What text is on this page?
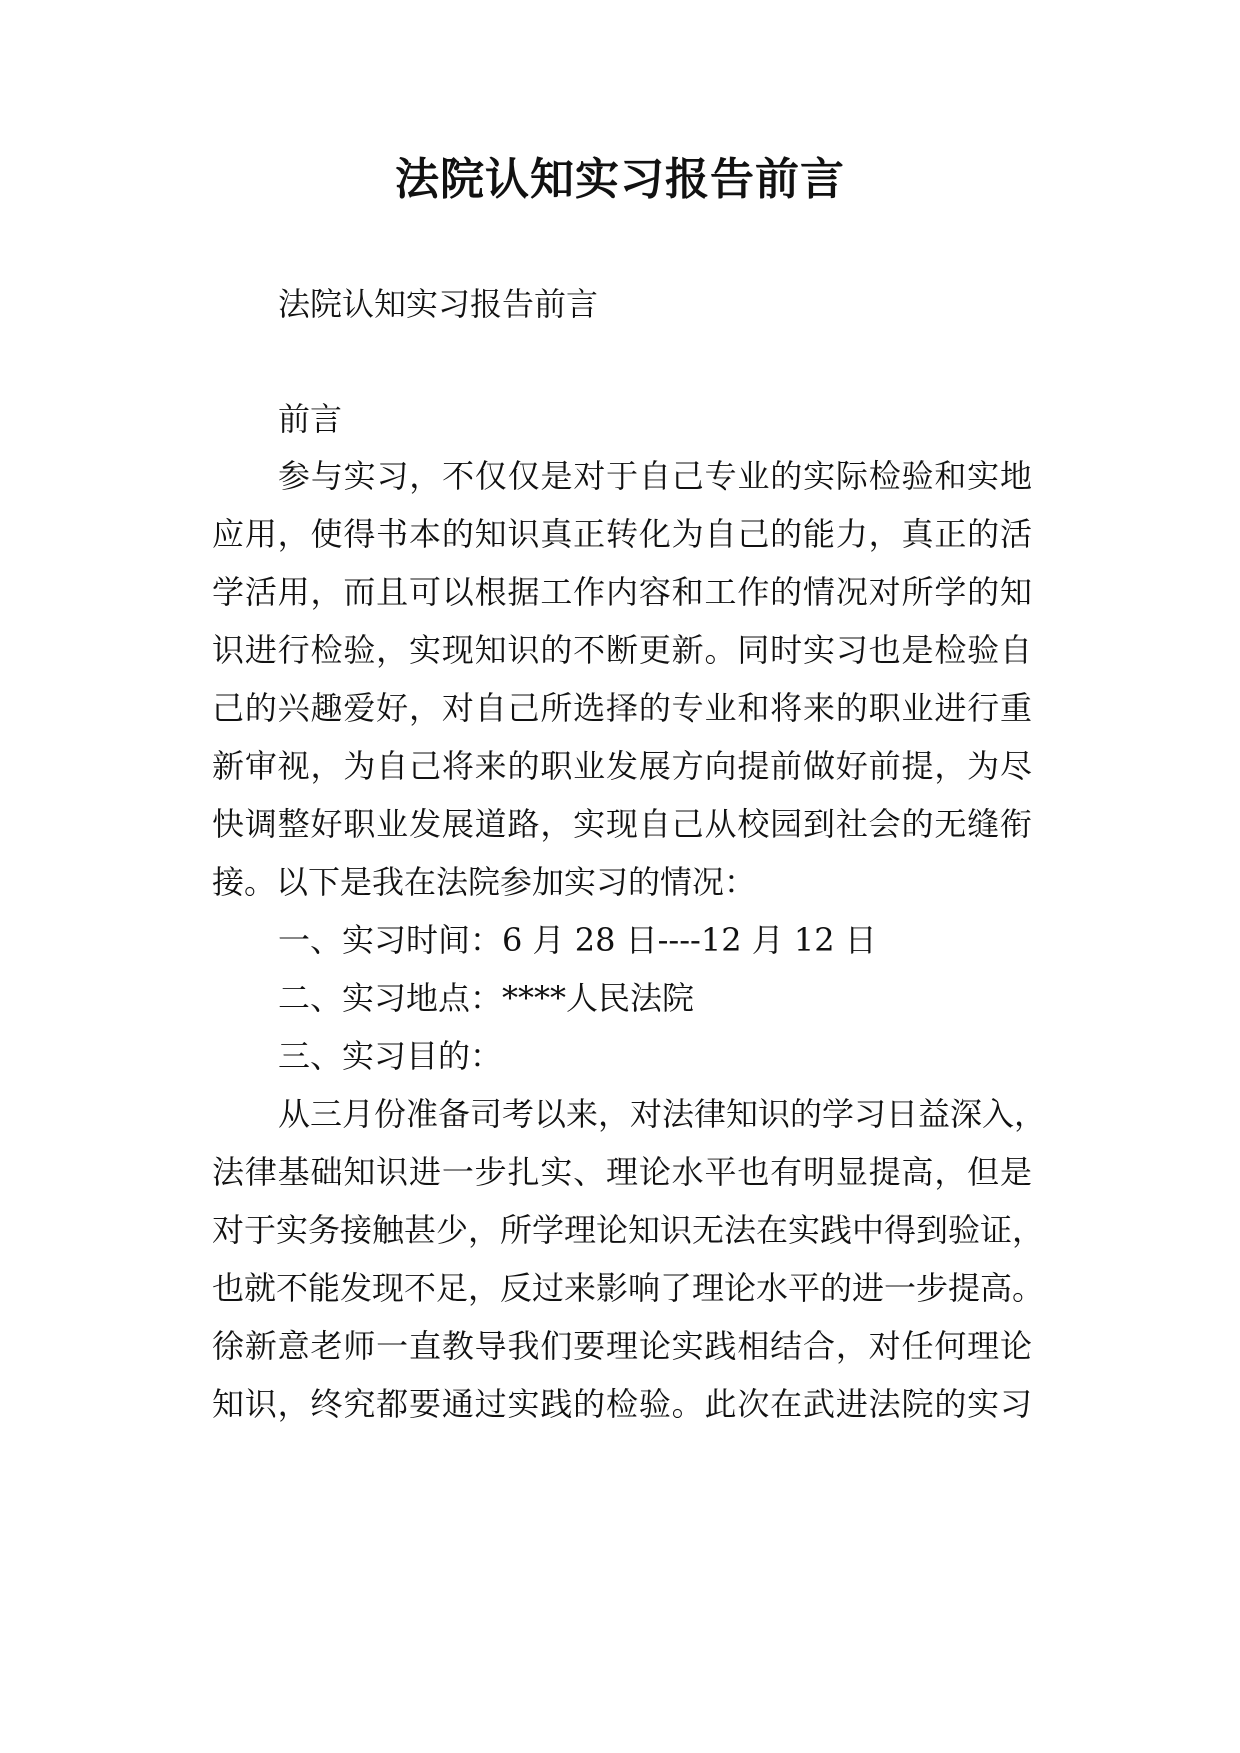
法院认知实习报告前言
法院认知实习报告前言
前言
参与实习，不仅仅是对于自己专业的实际检验和实地
应用，使得书本的知识真正转化为自己的能力，真正的活
学活用，而且可以根据工作内容和工作的情况对所学的知
识进行检验，实现知识的不断更新。同时实习也是检验自
己的兴趣爱好，对自己所选择的专业和将来的职业进行重
新审视，为自己将来的职业发展方向提前做好前提，为尽
快调整好职业发展道路，实现自己从校园到社会的无缝衔
接。以下是我在法院参加实习的情况：
一、实习时间：6 月 28 日----12 月 12 日
二、实习地点：****人民法院
三、实习目的：
从三月份准备司考以来，对法律知识的学习日益深入，
法律基础知识进一步扎实、理论水平也有明显提高，但是
对于实务接触甚少，所学理论知识无法在实践中得到验证，
也就不能发现不足，反过来影响了理论水平的进一步提高。
徐新意老师一直教导我们要理论实践相结合，对任何理论
知识，终究都要通过实践的检验。此次在武进法院的实习
